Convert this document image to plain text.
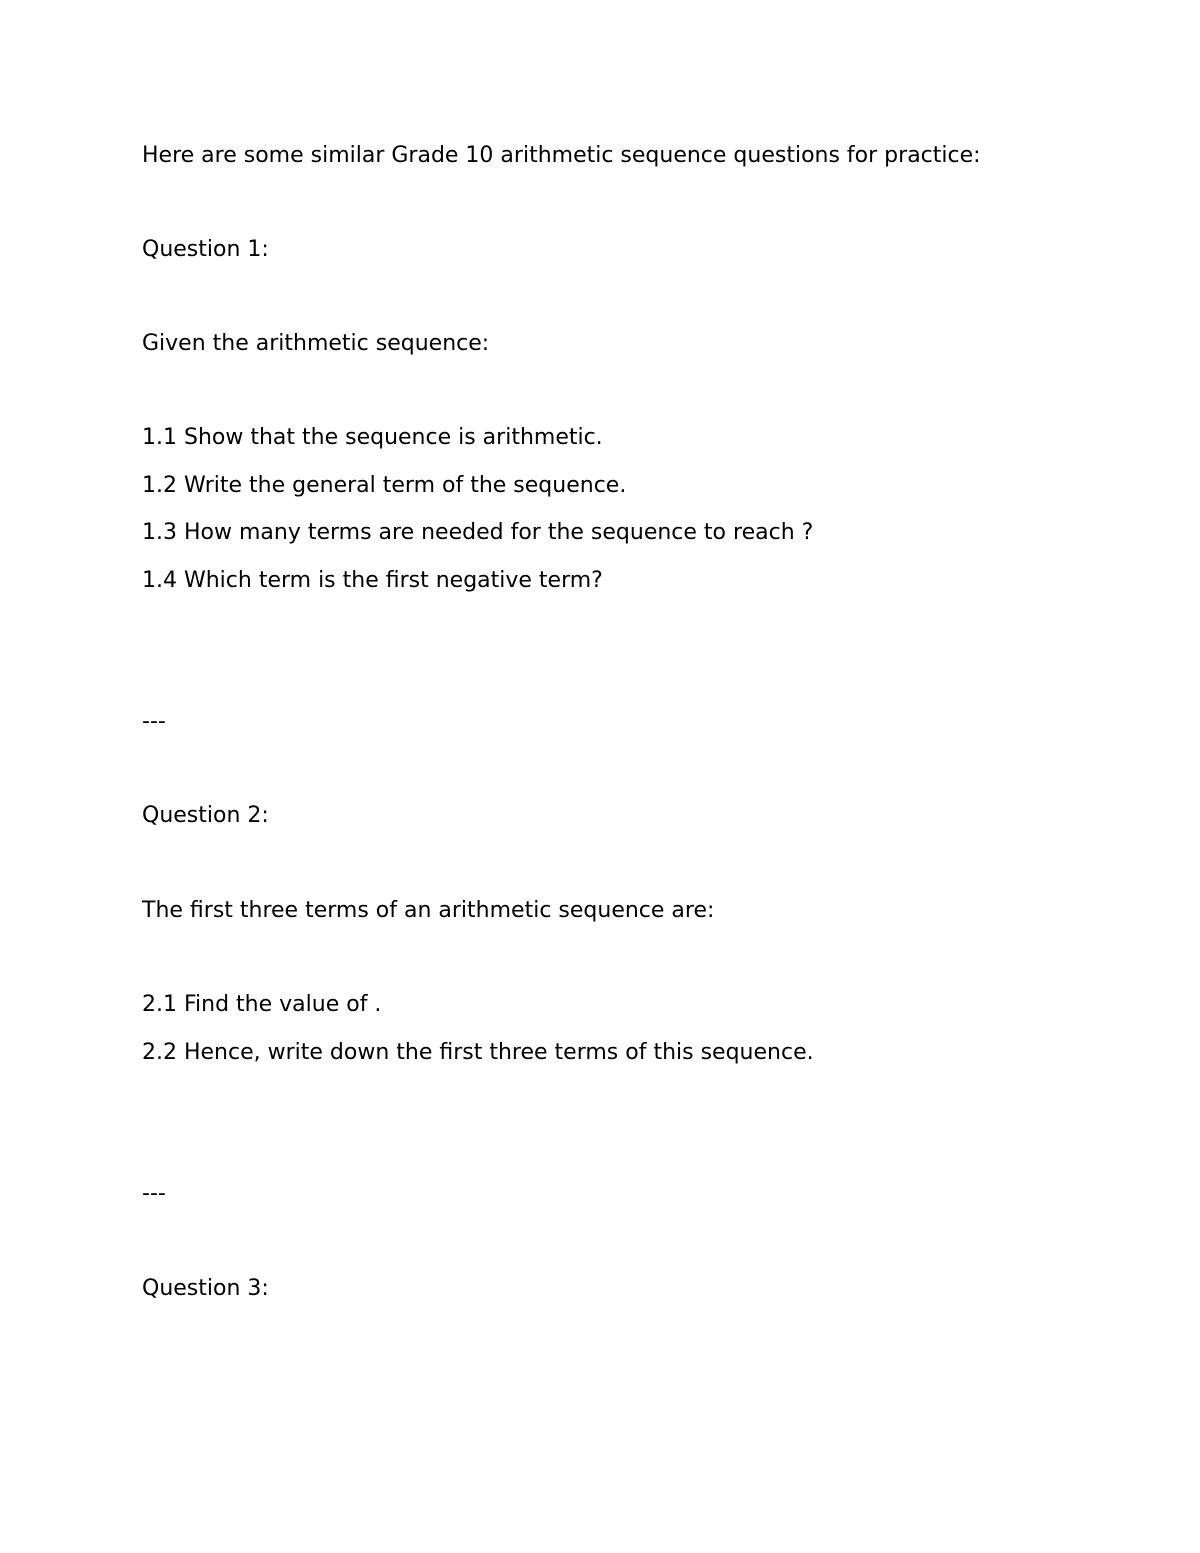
Here are some similar Grade 10 arithmetic sequence questions for practice:

Question 1:

Given the arithmetic sequence:

1.1 Show that the sequence is arithmetic.

1.2 Write the general term of the sequence.

1.3 How many terms are needed for the sequence to reach ?

1.4 Which term is the first negative term?

---

Question 2:

The first three terms of an arithmetic sequence are:

2.1 Find the value of .

2.2 Hence, write down the first three terms of this sequence.

---

Question 3:
